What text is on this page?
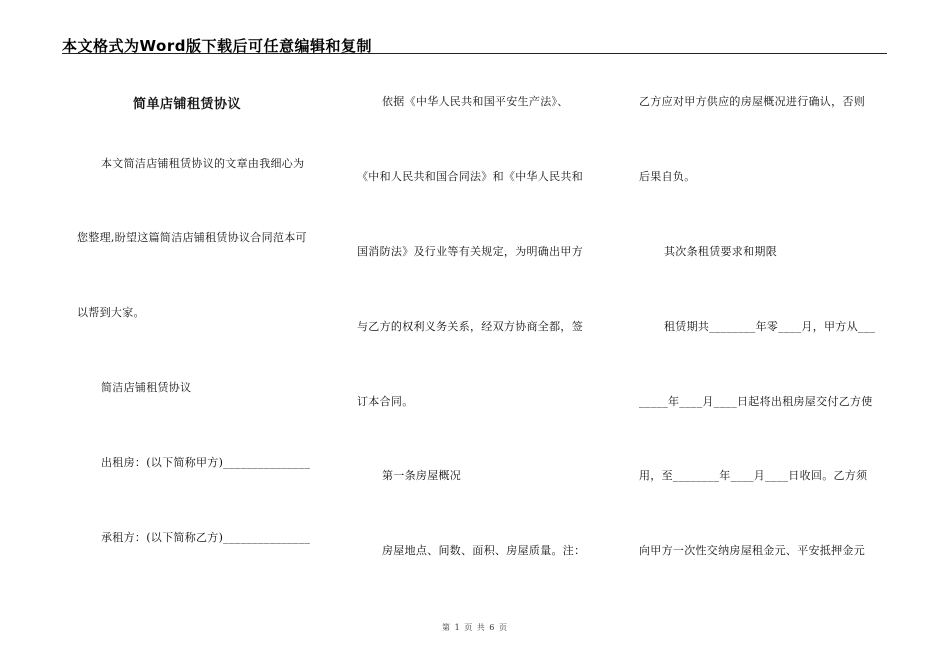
本文格式为Word版下载后可任意编辑和复制
简单店铺租赁协议
本文简洁店铺租赁协议的文章由我细心为
您整理,盼望这篇简洁店铺租赁协议合同范本可
以帮到大家。
简洁店铺租赁协议
出租房：(以下简称甲方)_______________
承租方：(以下简称乙方)_______________
依据《中华人民共和国平安生产法》、
《中和人民共和国合同法》和《中华人民共和
国消防法》及行业等有关规定，为明确出甲方
与乙方的权利义务关系，经双方协商全都，签
订本合同。
第一条房屋概况
房屋地点、间数、面积、房屋质量。注：
乙方应对甲方供应的房屋概况进行确认，否则
后果自负。
其次条租赁要求和期限
租赁期共________年零____月，甲方从___
_____年____月____日起将出租房屋交付乙方使
用，至________年____月____日收回。乙方须
向甲方一次性交纳房屋租金元、平安抵押金元
第 1 页 共 6 页
